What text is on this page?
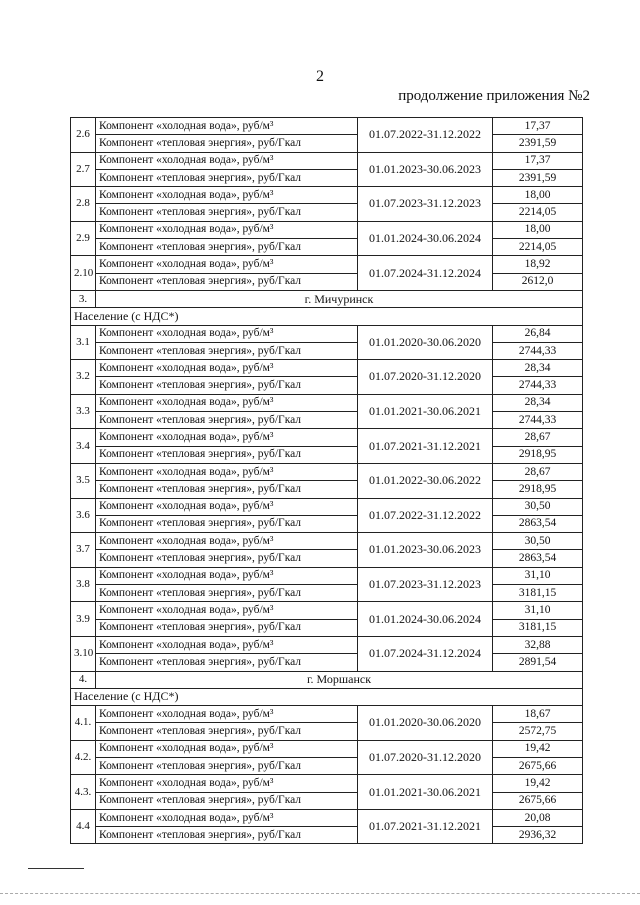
2
продолжение приложения №2
2.6	Компонент «холодная вода», руб/м³	01.07.2022-31.12.2022	17,37
	Компонент «тепловая энергия», руб/Гкал		2391,59
2.7	Компонент «холодная вода», руб/м³	01.01.2023-30.06.2023	17,37
	Компонент «тепловая энергия», руб/Гкал		2391,59
2.8	Компонент «холодная вода», руб/м³	01.07.2023-31.12.2023	18,00
	Компонент «тепловая энергия», руб/Гкал		2214,05
2.9	Компонент «холодная вода», руб/м³	01.01.2024-30.06.2024	18,00
	Компонент «тепловая энергия», руб/Гкал		2214,05
2.10	Компонент «холодная вода», руб/м³	01.07.2024-31.12.2024	18,92
	Компонент «тепловая энергия», руб/Гкал		2612,0
3.	г. Мичуринск		
Население (с НДС*)			
3.1	Компонент «холодная вода», руб/м³	01.01.2020-30.06.2020	26,84
	Компонент «тепловая энергия», руб/Гкал		2744,33
3.2	Компонент «холодная вода», руб/м³	01.07.2020-31.12.2020	28,34
	Компонент «тепловая энергия», руб/Гкал		2744,33
3.3	Компонент «холодная вода», руб/м³	01.01.2021-30.06.2021	28,34
	Компонент «тепловая энергия», руб/Гкал		2744,33
3.4	Компонент «холодная вода», руб/м³	01.07.2021-31.12.2021	28,67
	Компонент «тепловая энергия», руб/Гкал		2918,95
3.5	Компонент «холодная вода», руб/м³	01.01.2022-30.06.2022	28,67
	Компонент «тепловая энергия», руб/Гкал		2918,95
3.6	Компонент «холодная вода», руб/м³	01.07.2022-31.12.2022	30,50
	Компонент «тепловая энергия», руб/Гкал		2863,54
3.7	Компонент «холодная вода», руб/м³	01.01.2023-30.06.2023	30,50
	Компонент «тепловая энергия», руб/Гкал		2863,54
3.8	Компонент «холодная вода», руб/м³	01.07.2023-31.12.2023	31,10
	Компонент «тепловая энергия», руб/Гкал		3181,15
3.9	Компонент «холодная вода», руб/м³	01.01.2024-30.06.2024	31,10
	Компонент «тепловая энергия», руб/Гкал		3181,15
3.10	Компонент «холодная вода», руб/м³	01.07.2024-31.12.2024	32,88
	Компонент «тепловая энергия», руб/Гкал		2891,54
4.	г. Моршанск		
Население (с НДС*)			
4.1.	Компонент «холодная вода», руб/м³	01.01.2020-30.06.2020	18,67
	Компонент «тепловая энергия», руб/Гкал		2572,75
4.2.	Компонент «холодная вода», руб/м³	01.07.2020-31.12.2020	19,42
	Компонент «тепловая энергия», руб/Гкал		2675,66
4.3.	Компонент «холодная вода», руб/м³	01.01.2021-30.06.2021	19,42
	Компонент «тепловая энергия», руб/Гкал		2675,66
4.4	Компонент «холодная вода», руб/м³	01.07.2021-31.12.2021	20,08
	Компонент «тепловая энергия», руб/Гкал		2936,32
